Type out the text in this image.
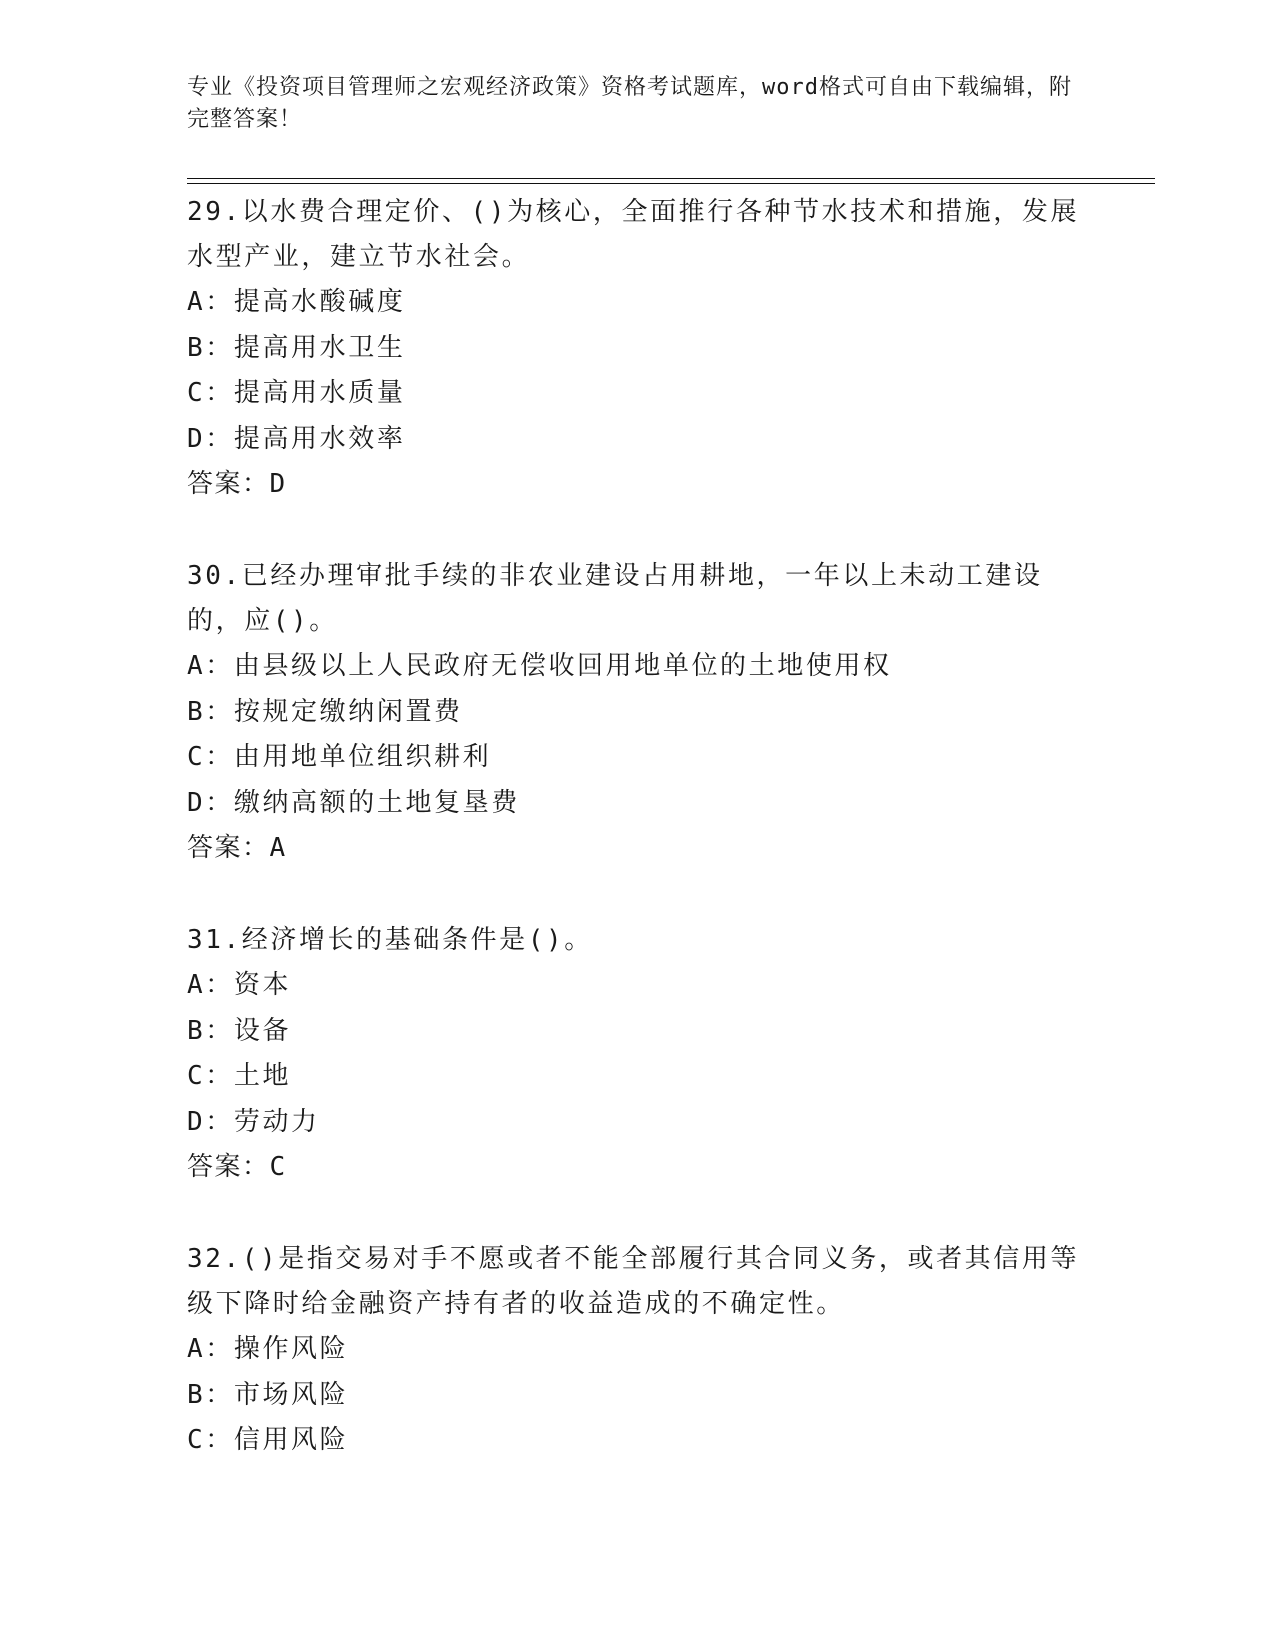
专业《投资项目管理师之宏观经济政策》资格考试题库，word格式可自由下载编辑，附完整答案！

29.以水费合理定价、()为核心，全面推行各种节水技术和措施，发展水型产业，建立节水社会。

A：提高水酸碱度

B：提高用水卫生

C：提高用水质量

D：提高用水效率

答案：D

30.已经办理审批手续的非农业建设占用耕地，一年以上未动工建设的，应()。

A：由县级以上人民政府无偿收回用地单位的土地使用权

B：按规定缴纳闲置费

C：由用地单位组织耕利

D：缴纳高额的土地复垦费

答案：A

31.经济增长的基础条件是()。

A：资本

B：设备

C：土地

D：劳动力

答案：C

32.()是指交易对手不愿或者不能全部履行其合同义务，或者其信用等级下降时给金融资产持有者的收益造成的不确定性。

A：操作风险

B：市场风险

C：信用风险
